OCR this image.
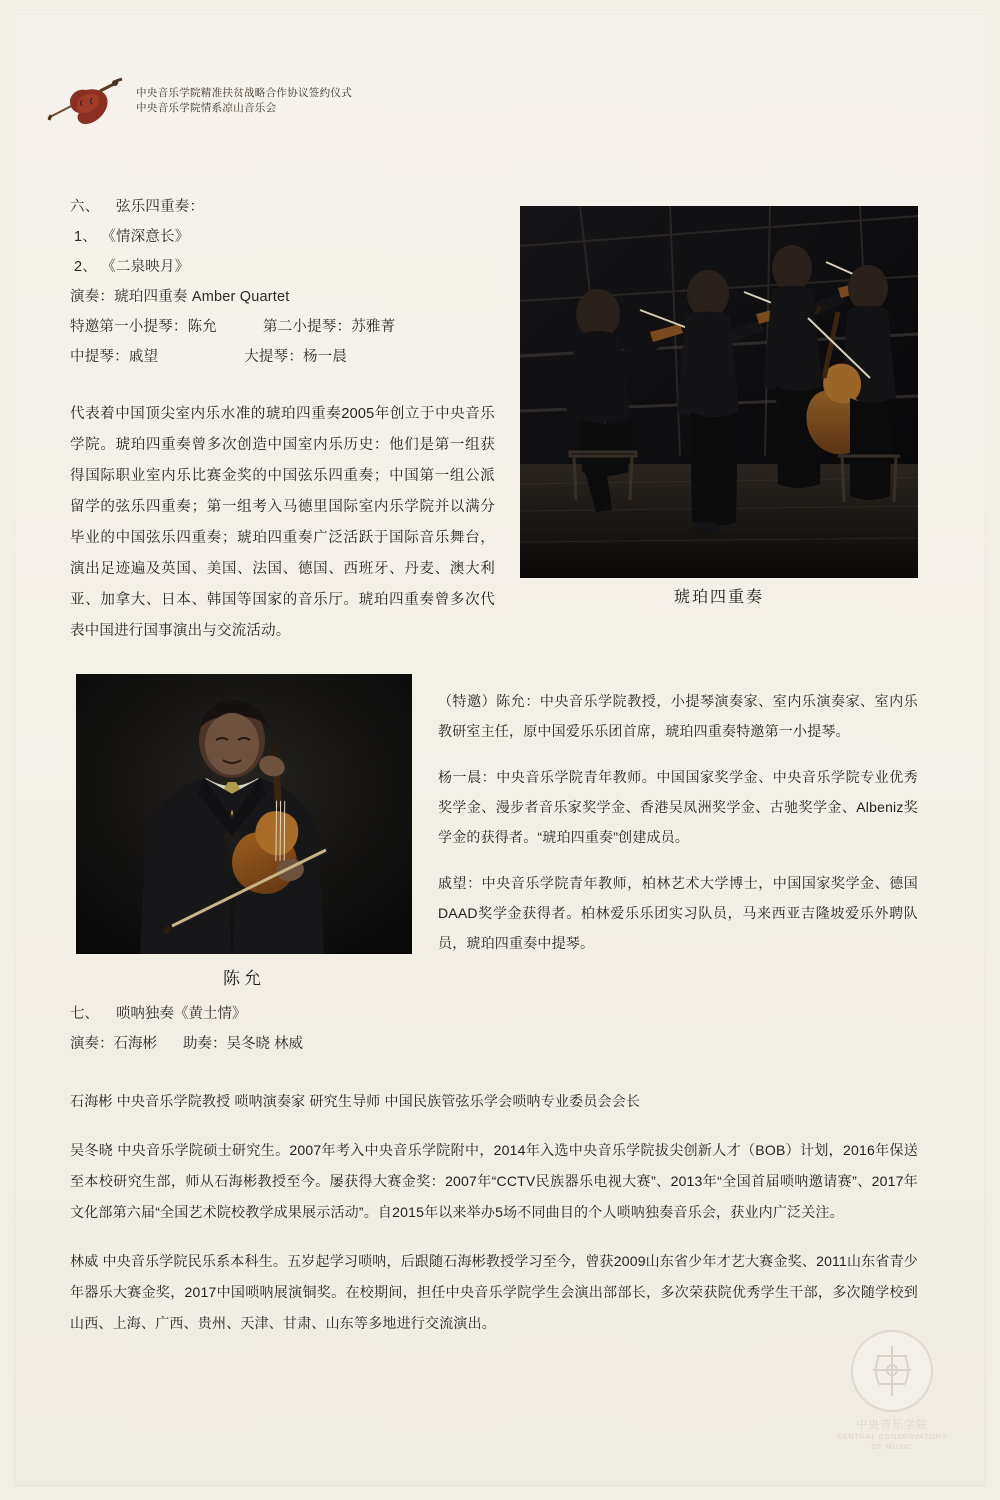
中央音乐学院精准扶贫战略合作协议签约仪式
中央音乐学院情系凉山音乐会
六、 弦乐四重奏：
1、 《情深意长》
2、 《二泉映月》
演奏：琥珀四重奏 Amber Quartet
特邀第一小提琴：陈允	第二小提琴：苏雅菁
中提琴：戚望	大提琴：杨一晨
代表着中国顶尖室内乐水准的琥珀四重奏2005年创立于中央音乐学院。琥珀四重奏曾多次创造中国室内乐历史：他们是第一组获得国际职业室内乐比赛金奖的中国弦乐四重奏；中国第一组公派留学的弦乐四重奏；第一组考入马德里国际室内乐学院并以满分毕业的中国弦乐四重奏；琥珀四重奏广泛活跃于国际音乐舞台，演出足迹遍及英国、美国、法国、德国、西班牙、丹麦、澳大利亚、加拿大、日本、韩国等国家的音乐厅。琥珀四重奏曾多次代表中国进行国事演出与交流活动。
琥珀四重奏
陈允

（特邀）陈允：中央音乐学院教授，小提琴演奏家、室内乐演奏家、室内乐教研室主任，原中国爱乐乐团首席，琥珀四重奏特邀第一小提琴。

杨一晨：中央音乐学院青年教师。中国国家奖学金、中央音乐学院专业优秀奖学金、漫步者音乐家奖学金、香港吴凤洲奖学金、古驰奖学金、Albeniz奖学金的获得者。“琥珀四重奏”创建成员。

戚望：中央音乐学院青年教师，柏林艺术大学博士，中国国家奖学金、德国DAAD奖学金获得者。柏林爱乐乐团实习队员，马来西亚吉隆坡爱乐外聘队员，琥珀四重奏中提琴。

七、 唢呐独奏《黄土情》
演奏：石海彬 助奏：吴冬晓 林威

石海彬 中央音乐学院教授 唢呐演奏家 研究生导师 中国民族管弦乐学会唢呐专业委员会会长

吴冬晓 中央音乐学院硕士研究生。2007年考入中央音乐学院附中，2014年入选中央音乐学院拔尖创新人才（BOB）计划，2016年保送至本校研究生部，师从石海彬教授至今。屡获得大赛金奖：2007年“CCTV民族器乐电视大赛”、2013年“全国首届唢呐邀请赛”、2017年文化部第六届“全国艺术院校教学成果展示活动”。自2015年以来举办5场不同曲目的个人唢呐独奏音乐会，获业内广泛关注。

林威 中央音乐学院民乐系本科生。五岁起学习唢呐，后跟随石海彬教授学习至今，曾获2009山东省少年才艺大赛金奖、2011山东省青少年器乐大赛金奖，2017中国唢呐展演铜奖。在校期间，担任中央音乐学院学生会演出部部长，多次荣获院优秀学生干部，多次随学校到 山西、上海、广西、贵州、天津、甘肃、山东等多地进行交流演出。

中央音乐学院
CENTRAL CONSERVATORY
OF MUSIC
